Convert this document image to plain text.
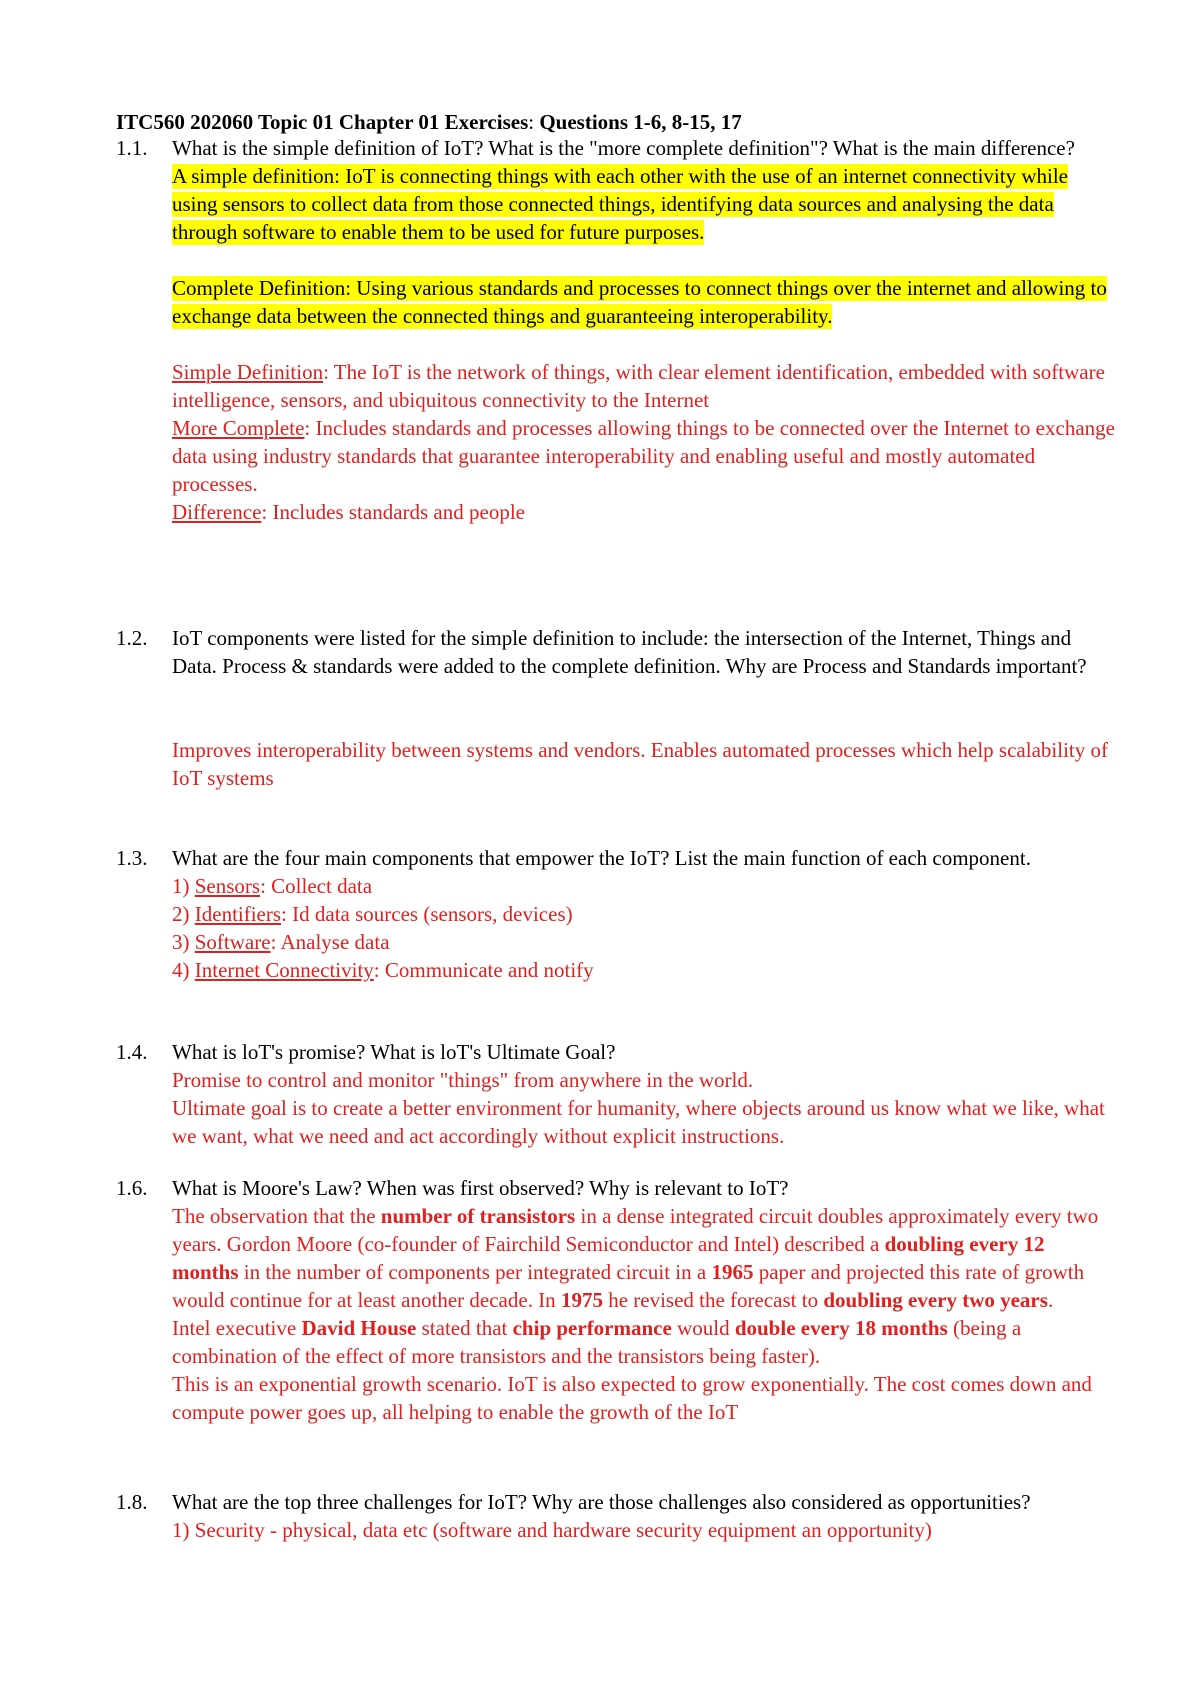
ITC560 202060 Topic 01 Chapter 01 Exercises: Questions 1-6, 8-15, 17
1.1.	What is the simple definition of IoT? What is the "more complete definition"? What is the main difference?
A simple definition: IoT is connecting things with each other with the use of an internet connectivity while using sensors to collect data from those connected things, identifying data sources and analysing the data through software to enable them to be used for future purposes.
Complete Definition: Using various standards and processes to connect things over the internet and allowing to exchange data between the connected things and guaranteeing interoperability.
Simple Definition: The IoT is the network of things, with clear element identification, embedded with software intelligence, sensors, and ubiquitous connectivity to the Internet
More Complete: Includes standards and processes allowing things to be connected over the Internet to exchange data using industry standards that guarantee interoperability and enabling useful and mostly automated processes.
Difference: Includes standards and people
1.2.	IoT components were listed for the simple definition to include: the intersection of the Internet, Things and Data. Process & standards were added to the complete definition. Why are Process and Standards important?
Improves interoperability between systems and vendors. Enables automated processes which help scalability of IoT systems
1.3.	What are the four main components that empower the IoT? List the main function of each component.
1) Sensors: Collect data
2) Identifiers: Id data sources (sensors, devices)
3) Software: Analyse data
4) Internet Connectivity: Communicate and notify
1.4.	What is loT's promise? What is loT's Ultimate Goal?
Promise to control and monitor "things" from anywhere in the world.
Ultimate goal is to create a better environment for humanity, where objects around us know what we like, what we want, what we need and act accordingly without explicit instructions.
1.6.	What is Moore's Law? When was first observed? Why is relevant to IoT?
The observation that the number of transistors in a dense integrated circuit doubles approximately every two years. Gordon Moore (co-founder of Fairchild Semiconductor and Intel) described a doubling every 12 months in the number of components per integrated circuit in a 1965 paper and projected this rate of growth would continue for at least another decade. In 1975 he revised the forecast to doubling every two years.
Intel executive David House stated that chip performance would double every 18 months (being a combination of the effect of more transistors and the transistors being faster).
This is an exponential growth scenario. IoT is also expected to grow exponentially. The cost comes down and compute power goes up, all helping to enable the growth of the IoT
1.8.	What are the top three challenges for IoT? Why are those challenges also considered as opportunities?
1) Security - physical, data etc (software and hardware security equipment an opportunity)
